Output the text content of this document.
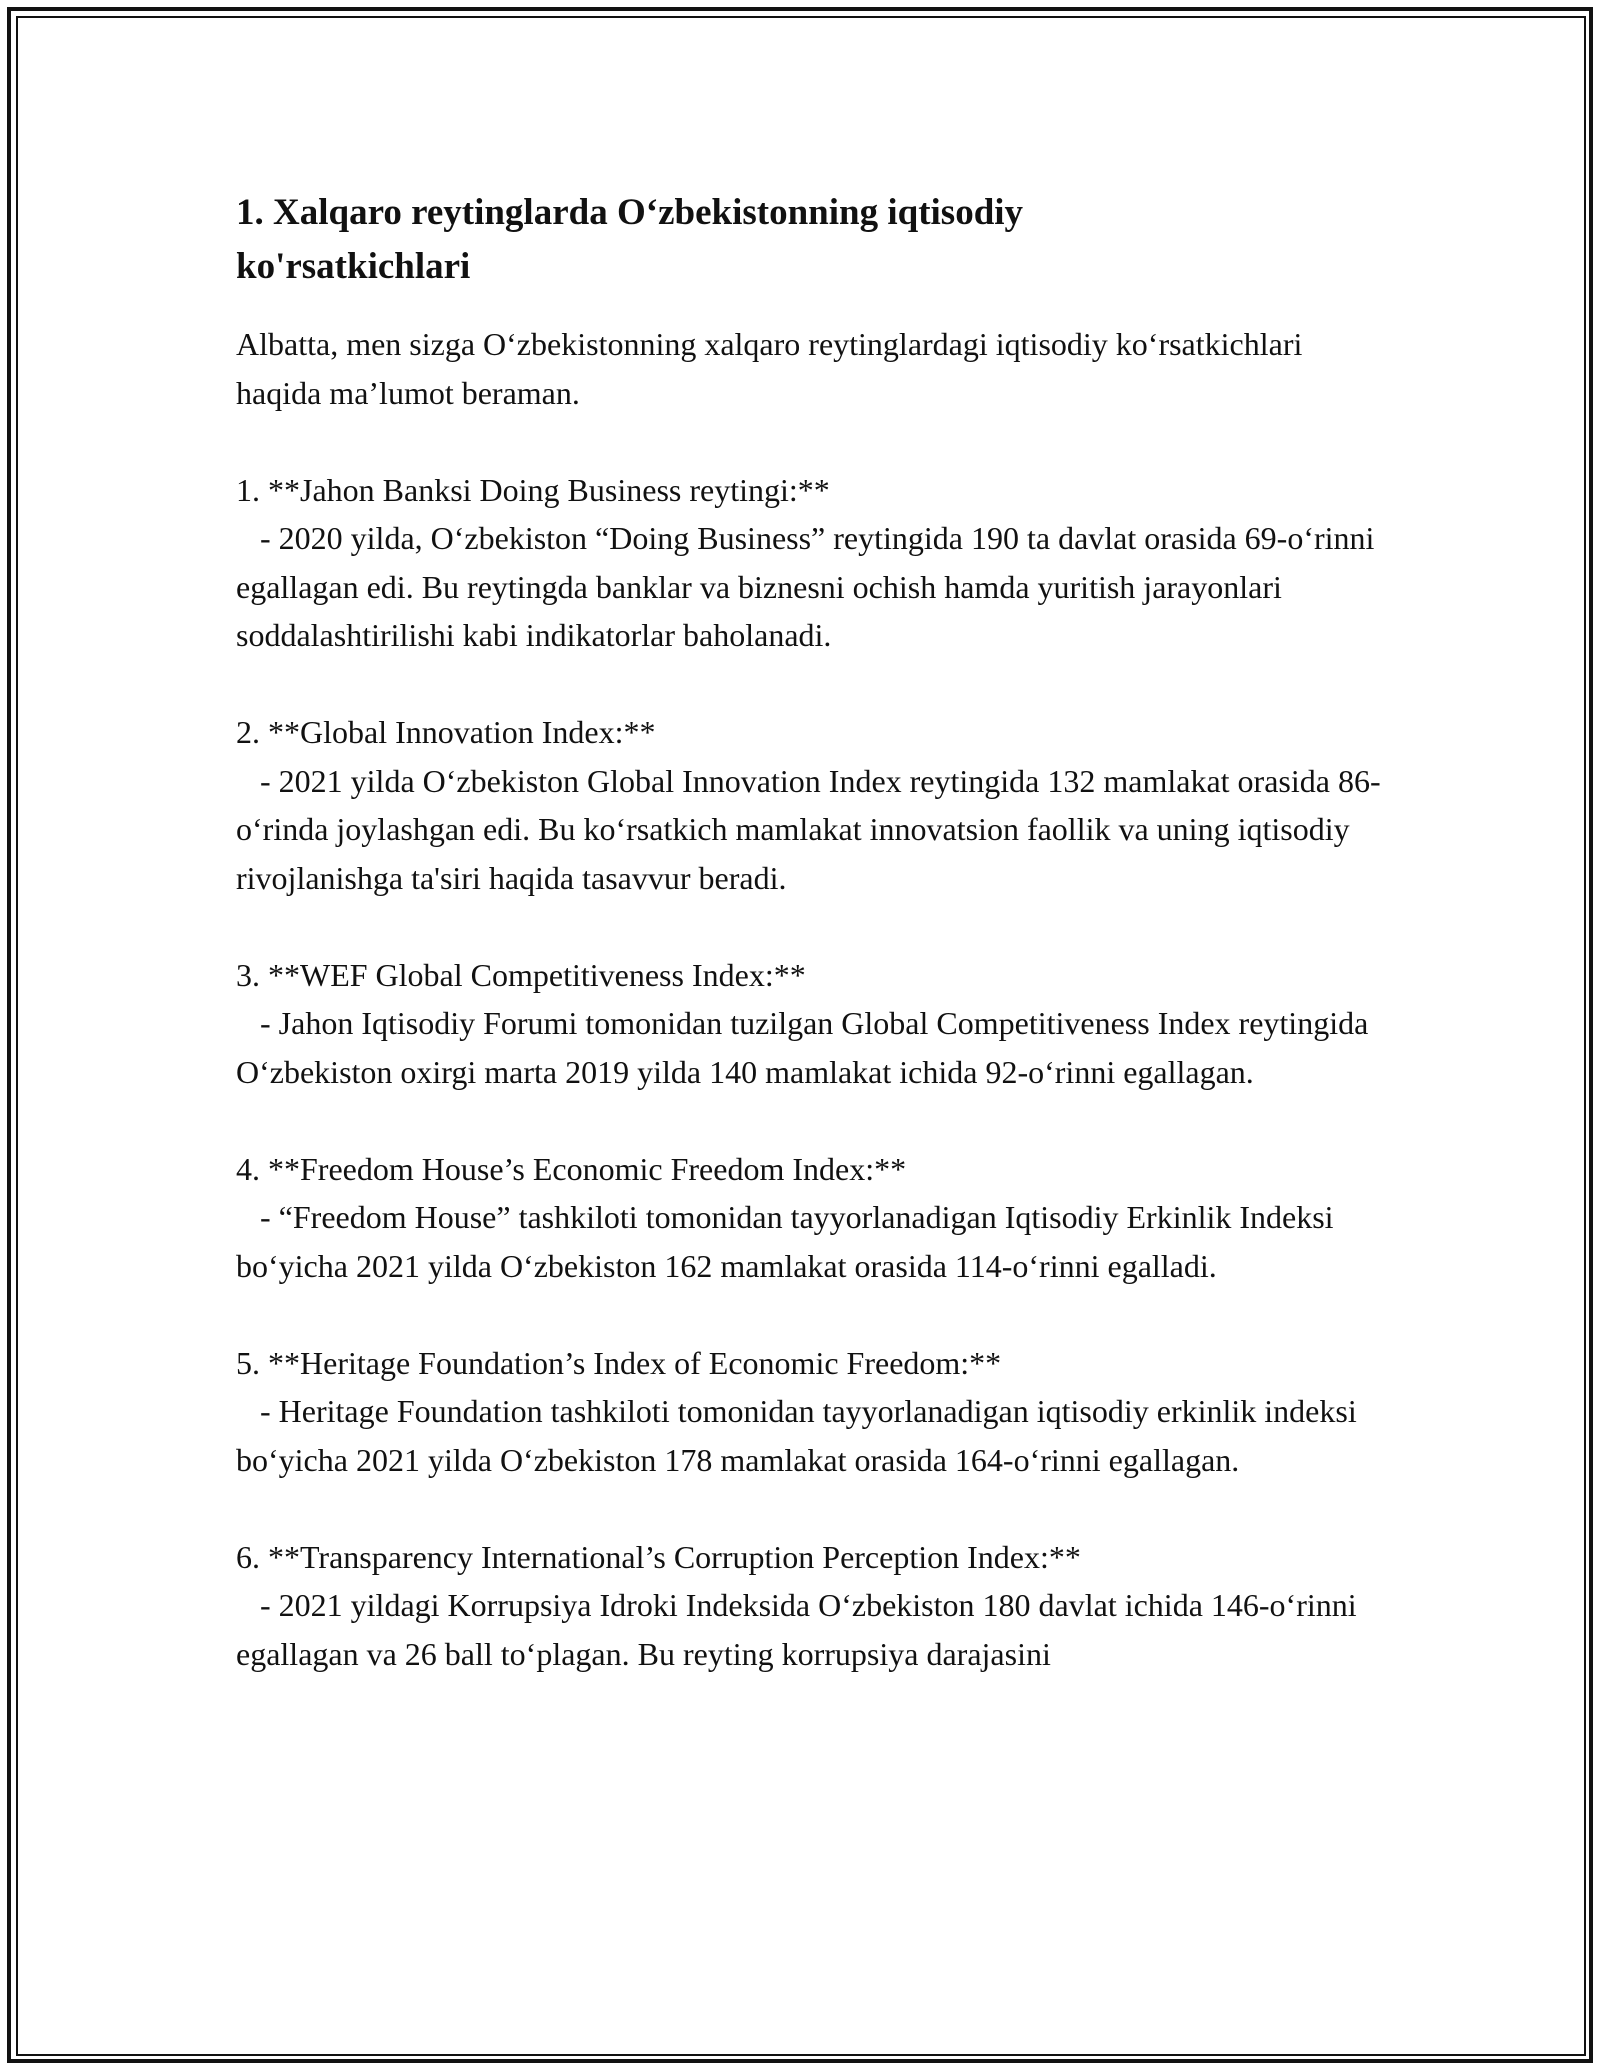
1. Xalqaro reytinglarda O‘zbekistonning iqtisodiy ko'rsatkichlari
Albatta, men sizga O‘zbekistonning xalqaro reytinglardagi iqtisodiy ko‘rsatkichlari haqida ma’lumot beraman.
1. **Jahon Banksi Doing Business reytingi:**
- 2020 yilda, O‘zbekiston “Doing Business” reytingida 190 ta davlat orasida 69-o‘rinni egallagan edi. Bu reytingda banklar va biznesni ochish hamda yuritish jarayonlari soddalashtirilishi kabi indikatorlar baholanadi.
2. **Global Innovation Index:**
- 2021 yilda O‘zbekiston Global Innovation Index reytingida 132 mamlakat orasida 86-o‘rinda joylashgan edi. Bu ko‘rsatkich mamlakat innovatsion faollik va uning iqtisodiy rivojlanishga ta'siri haqida tasavvur beradi.
3. **WEF Global Competitiveness Index:**
- Jahon Iqtisodiy Forumi tomonidan tuzilgan Global Competitiveness Index reytingida O‘zbekiston oxirgi marta 2019 yilda 140 mamlakat ichida 92-o‘rinni egallagan.
4. **Freedom House’s Economic Freedom Index:**
- “Freedom House” tashkiloti tomonidan tayyorlanadigan Iqtisodiy Erkinlik Indeksi bo‘yicha 2021 yilda O‘zbekiston 162 mamlakat orasida 114-o‘rinni egalladi.
5. **Heritage Foundation’s Index of Economic Freedom:**
- Heritage Foundation tashkiloti tomonidan tayyorlanadigan iqtisodiy erkinlik indeksi bo‘yicha 2021 yilda O‘zbekiston 178 mamlakat orasida 164-o‘rinni egallagan.
6. **Transparency International’s Corruption Perception Index:**
- 2021 yildagi Korrupsiya Idroki Indeksida O‘zbekiston 180 davlat ichida 146-o‘rinni egallagan va 26 ball to‘plagan. Bu reyting korrupsiya darajasini
